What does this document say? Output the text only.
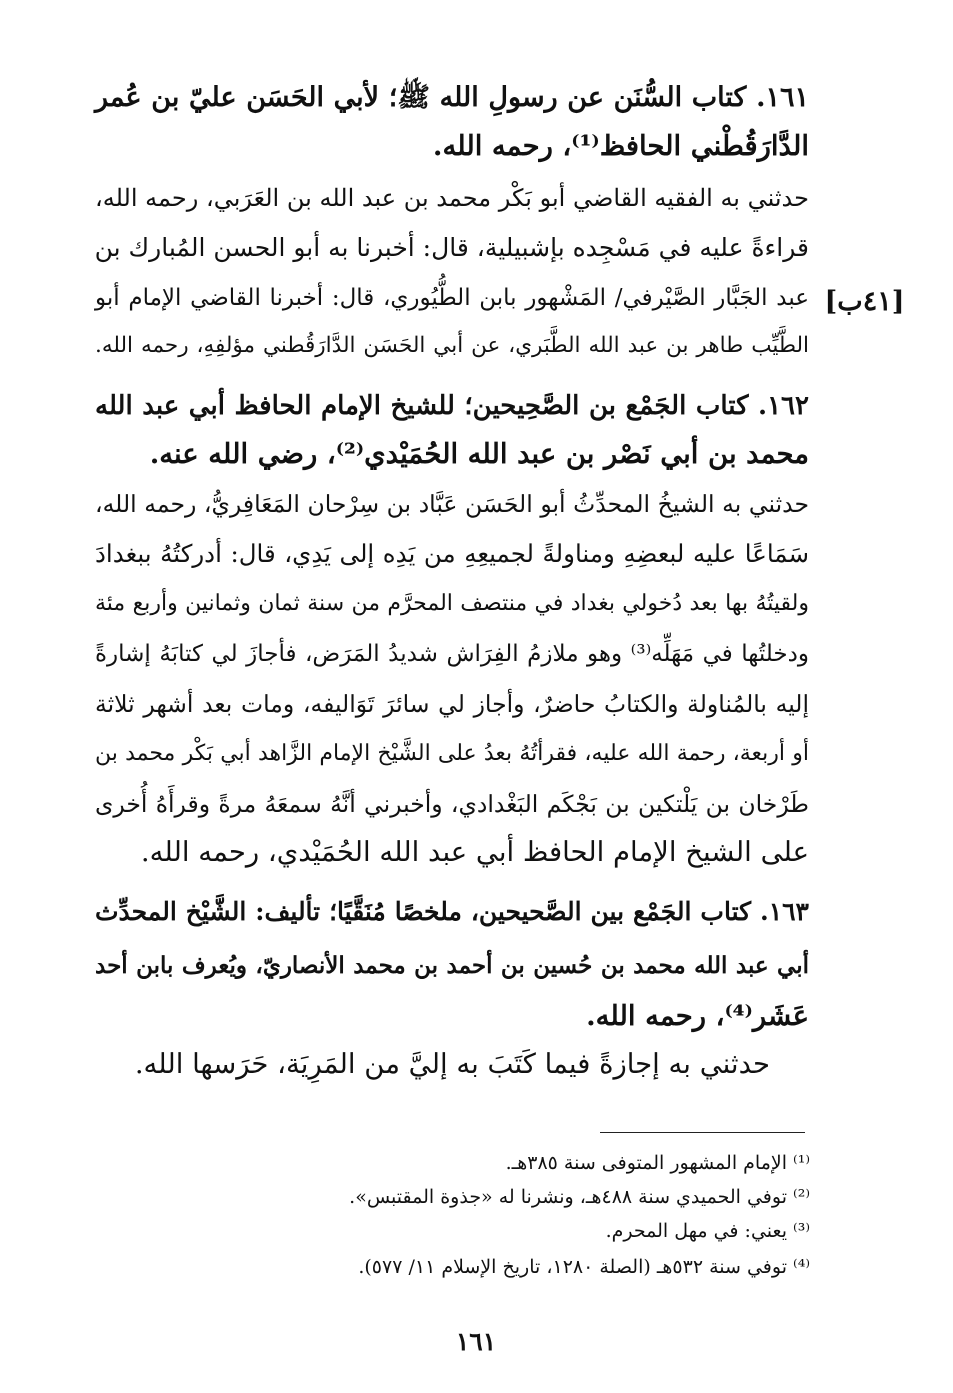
١٦١. كتاب السُّنَن عن رسولِ الله ﷺ؛ لأبي الحَسَن عليّ بن عُمر
الدَّارَقُطْني الحافظ⁽¹⁾، رحمه الله.
حدثني به الفقيه القاضي أبو بَكْر محمد بن عبد الله بن العَرَبي، رحمه الله،
قراءةً عليه في مَسْجِده بإشبيلية، قال: أخبرنا به أبو الحسن المُبارك بن
عبد الجَبَّار الصَّيْرفي/ المَشْهور بابن الطُّيُوري، قال: أخبرنا القاضي الإمام أبو [٤١ب]
الطَّيِّب طاهر بن عبد الله الطَّبَري، عن أبي الحَسَن الدَّارَقُطني مؤلفِهِ، رحمه الله.
١٦٢. كتاب الجَمْع بن الصَّحِيحين؛ للشيخ الإمام الحافظ أبي عبد الله
محمد بن أبي نَصْر بن عبد الله الحُمَيْدي⁽²⁾، رضي الله عنه.
حدثني به الشيخُ المحدِّثُ أبو الحَسَن عَبَّاد بن سِرْحان المَعَافِريُّ، رحمه الله،
سَمَاعًا عليه لبعضِهِ ومناولةً لجميعِهِ من يَدِه إلى يَدِي، قال: أدركتُهُ ببغدادَ
ولقيتُهُ بها بعد دُخولي بغداد في منتصف المحرَّم من سنة ثمان وثمانين وأربع مئة
ودخلتُها في مَهَلِّه⁽³⁾ وهو ملازمُ الفِرَاش شديدُ المَرَض، فأجازَ لي كتابَهُ إشارةً
إليه بالمُناولة والكتابُ حاضرٌ، وأجاز لي سائرَ تَوَاليفه، ومات بعد أشهر ثلاثة
أو أربعة، رحمة الله عليه، فقرأتُهُ بعدُ على الشَّيْخ الإمام الزَّاهد أبي بَكْر محمد بن
طَرْخان بن يَلْتكين بن بَجْكَم البَغْدادي، وأخبرني أنَّهُ سمعَهُ مرةً وقرأَهُ أُخرى
على الشيخ الإمام الحافظ أبي عبد الله الحُمَيْدي، رحمه الله.
١٦٣. كتاب الجَمْع بين الصَّحيحين، ملخصًا مُنَقَّيًا؛ تأليف: الشَّيْخ المحدِّث
أبي عبد الله محمد بن حُسين بن أحمد بن محمد الأنصاريّ، ويُعرف بابن أحد
عَشَر⁽⁴⁾، رحمه الله.
حدثني به إجازةً فيما كَتَبَ به إليَّ من المَرِيَة، حَرَسها الله.
⁽¹⁾ الإمام المشهور المتوفى سنة ٣٨٥هـ.
⁽²⁾ توفي الحميدي سنة ٤٨٨هـ، ونشرنا له «جذوة المقتبس».
⁽³⁾ يعني: في مهل المحرم.
⁽⁴⁾ توفي سنة ٥٣٢هـ (الصلة ١٢٨٠، تاريخ الإسلام ١١/ ٥٧٧).
١٦١
